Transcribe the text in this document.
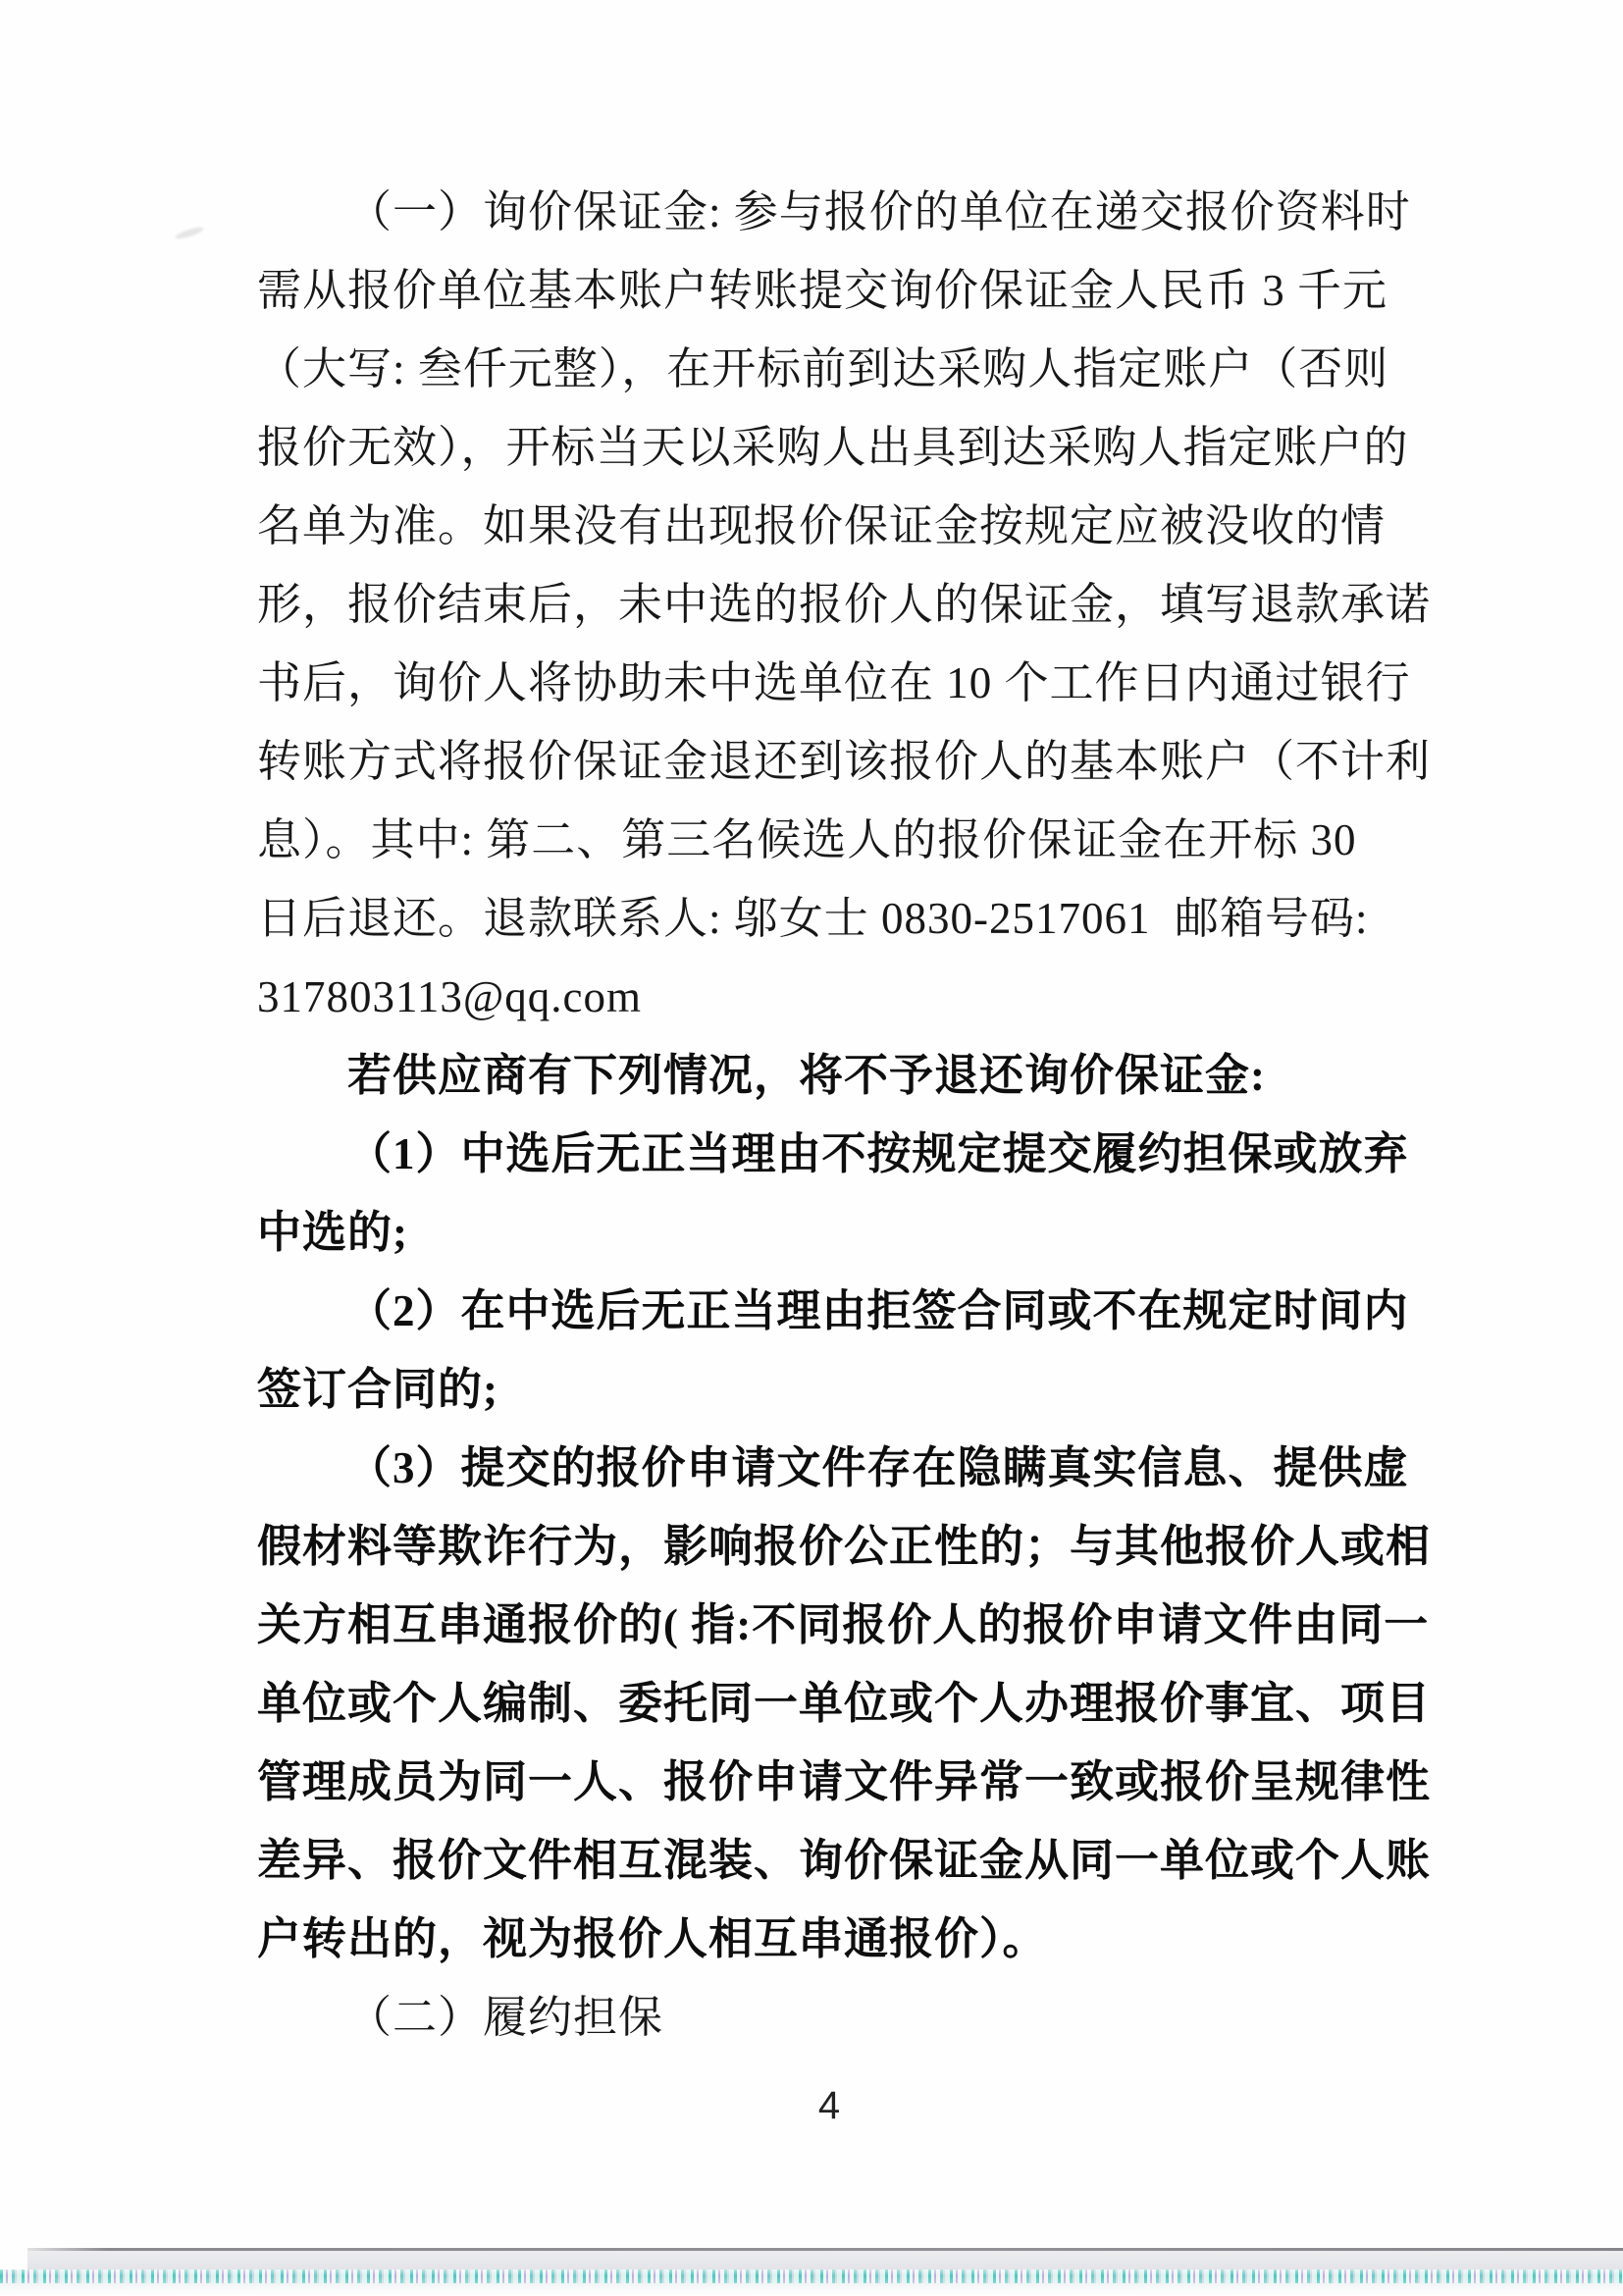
（一）询价保证金: 参与报价的单位在递交报价资料时
需从报价单位基本账户转账提交询价保证金人民币 3 千元
（大写: 叁仟元整），在开标前到达采购人指定账户（否则
报价无效），开标当天以采购人出具到达采购人指定账户的
名单为准。如果没有出现报价保证金按规定应被没收的情
形，报价结束后，未中选的报价人的保证金，填写退款承诺
书后，询价人将协助未中选单位在 10 个工作日内通过银行
转账方式将报价保证金退还到该报价人的基本账户（不计利
息）。其中: 第二、第三名候选人的报价保证金在开标 30
日后退还。退款联系人: 邬女士 0830-2517061  邮箱号码:
317803113@qq.com
若供应商有下列情况，将不予退还询价保证金:
（1）中选后无正当理由不按规定提交履约担保或放弃
中选的;
（2）在中选后无正当理由拒签合同或不在规定时间内
签订合同的;
（3）提交的报价申请文件存在隐瞒真实信息、提供虚
假材料等欺诈行为，影响报价公正性的；与其他报价人或相
关方相互串通报价的( 指:不同报价人的报价申请文件由同一
单位或个人编制、委托同一单位或个人办理报价事宜、项目
管理成员为同一人、报价申请文件异常一致或报价呈规律性
差异、报价文件相互混装、询价保证金从同一单位或个人账
户转出的，视为报价人相互串通报价）。
（二）履约担保
4
